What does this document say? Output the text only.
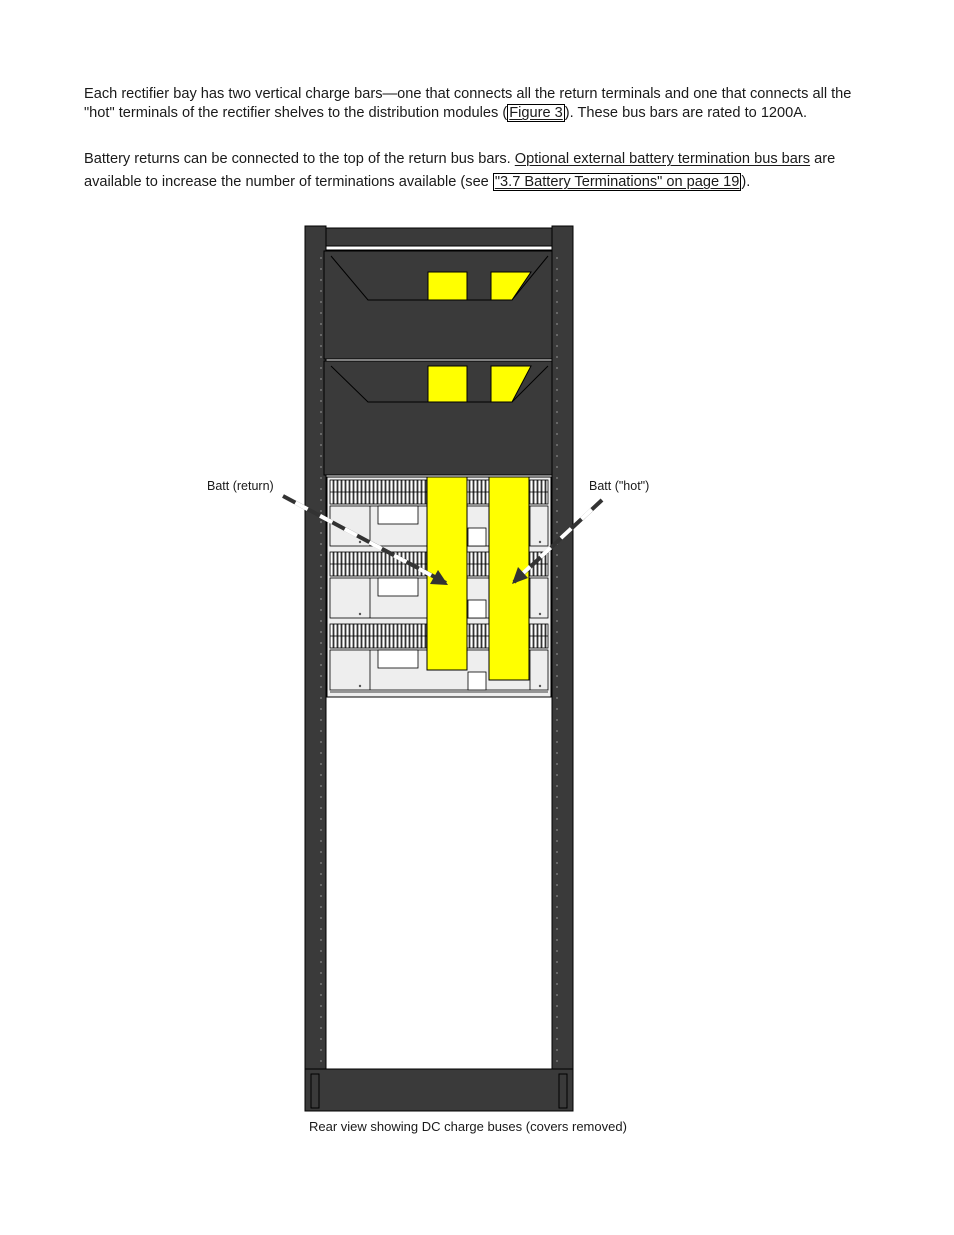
Each rectifier bay has two vertical charge bars—one that connects all the return terminals and one that connects all the "hot" terminals of the rectifier shelves to the distribution modules ( Figure 3 ). These bus bars are rated to 1200A.

Battery returns can be connected to the top of the return bus bars. Optional external battery termination bus bars are available to increase the number of terminations available (see "3.7 Battery Terminations" on page 19 ).

Batt (return)	Batt ("hot")
Rear view showing DC charge buses (covers removed)
